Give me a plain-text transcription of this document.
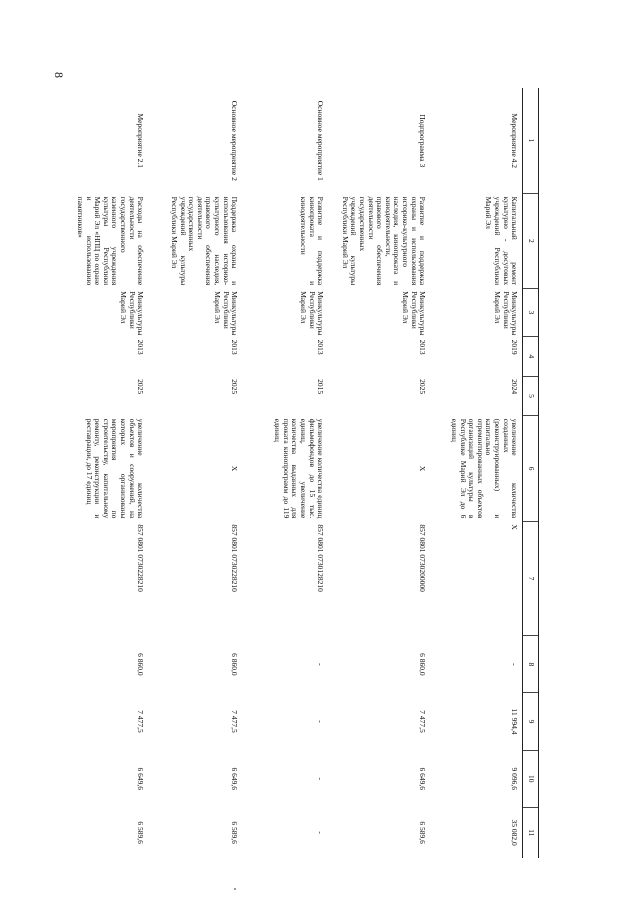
8
1	2	3	4	5	6	7	8	9	10	11
Мероприятие 4.2	Капитальный ремонт культурно - досуговых учреждений Республики Марий Эл	Минкультуры Республики Марий Эл	2019	2024	увеличение количества созданных (реконструированных) и капитально отремонтированных объектов организаций культуры в Республике Марий Эл до 6 единиц	X	-	11 994,4	9 096,6	35 082,0
Подпрограмма 3	Развитие и поддержка охраны и использования историко-культурного наследия, кинопроката и кинодеятельности, правового обеспечения деятельности государственных учреждений культуры Республики Марий Эл	Минкультуры Республики Марий Эл	2013	2025	X	857 0801 0730200000	6 860,0	7 477,5	6 649,6	6 589,6
Основное мероприятие 1	Развитие и поддержка кинопроката и кинодеятельности	Минкультуры Республики Марий Эл	2013	2015	увеличение количества единиц фильмофондов до 15 тыс. единиц, увеличение количества выданных для проката кинопрограмм до 119 единиц	857 0801 0730128210	-	-	-	-
Основное мероприятие 2	Поддержка охраны и использования историко-культурного наследия, правового обеспечения деятельности государственных учреждений культуры Республики Марий Эл	Минкультуры Республики Марий Эл	2013	2025	X	857 0801 0730228210	6 860,0	7 477,5	6 649,6	6 589,6
Мероприятие 2.1	Расходы на обеспечение деятельности государственного казенного учреждения культуры Республики Марий Эл «НПЦ по охране и использованию памятников»	Минкультуры Республики Марий Эл	2013	2025	увеличение количества объектов и сооружений, на которых организованы мероприятия по строительству, капитальному ремонту, реконструкции и реставрации, до 17 единиц	857 0801 0730228210	6 860,0	7 477,5	6 649,6	6 589,6
